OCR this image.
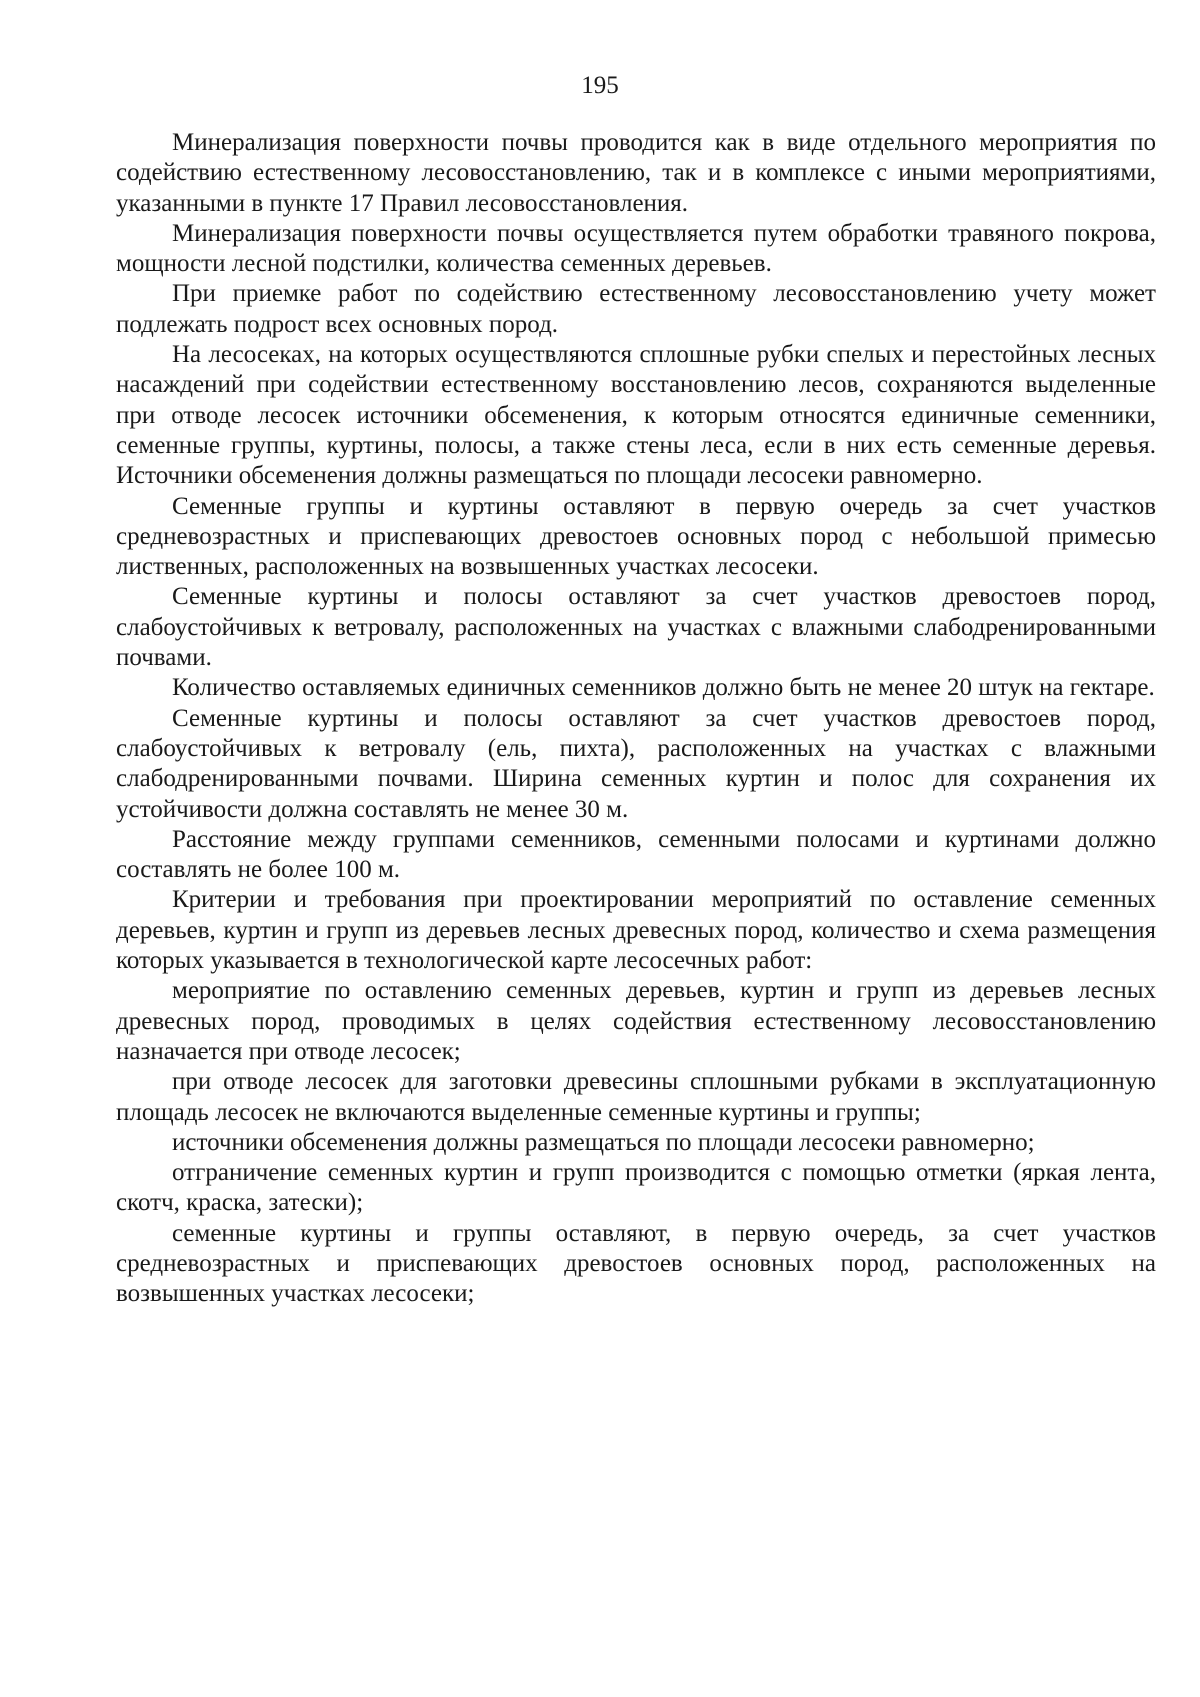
195

Минерализация поверхности почвы проводится как в виде отдельного мероприятия по содействию естественному лесовосстановлению, так и в комплексе с иными мероприятиями, указанными в пункте 17 Правил лесовосстановления.

Минерализация поверхности почвы осуществляется путем обработки травяного покрова, мощности лесной подстилки, количества семенных деревьев.

При приемке работ по содействию естественному лесовосстановлению учету может подлежать подрост всех основных пород.

На лесосеках, на которых осуществляются сплошные рубки спелых и перестойных лесных насаждений при содействии естественному восстановлению лесов, сохраняются выделенные при отводе лесосек источники обсеменения, к которым относятся единичные семенники, семенные группы, куртины, полосы, а также стены леса, если в них есть семенные деревья. Источники обсеменения должны размещаться по площади лесосеки равномерно.

Семенные группы и куртины оставляют в первую очередь за счет участков средневозрастных и приспевающих древостоев основных пород с небольшой примесью лиственных, расположенных на возвышенных участках лесосеки.

Семенные куртины и полосы оставляют за счет участков древостоев пород, слабоустойчивых к ветровалу, расположенных на участках с влажными слабодренированными почвами.

Количество оставляемых единичных семенников должно быть не менее 20 штук на гектаре.

Семенные куртины и полосы оставляют за счет участков древостоев пород, слабоустойчивых к ветровалу (ель, пихта), расположенных на участках с влажными слабодренированными почвами. Ширина семенных куртин и полос для сохранения их устойчивости должна составлять не менее 30 м.

Расстояние между группами семенников, семенными полосами и куртинами должно составлять не более 100 м.

Критерии и требования при проектировании мероприятий по оставление семенных деревьев, куртин и групп из деревьев лесных древесных пород, количество и схема размещения которых указывается в технологической карте лесосечных работ:

мероприятие по оставлению семенных деревьев, куртин и групп из деревьев лесных древесных пород, проводимых в целях содействия естественному лесовосстановлению назначается при отводе лесосек;

при отводе лесосек для заготовки древесины сплошными рубками в эксплуатационную площадь лесосек не включаются выделенные семенные куртины и группы;

источники обсеменения должны размещаться по площади лесосеки равномерно;

отграничение семенных куртин и групп производится с помощью отметки (яркая лента, скотч, краска, затески);

семенные куртины и группы оставляют, в первую очередь, за счет участков средневозрастных и приспевающих древостоев основных пород, расположенных на возвышенных участках лесосеки;
